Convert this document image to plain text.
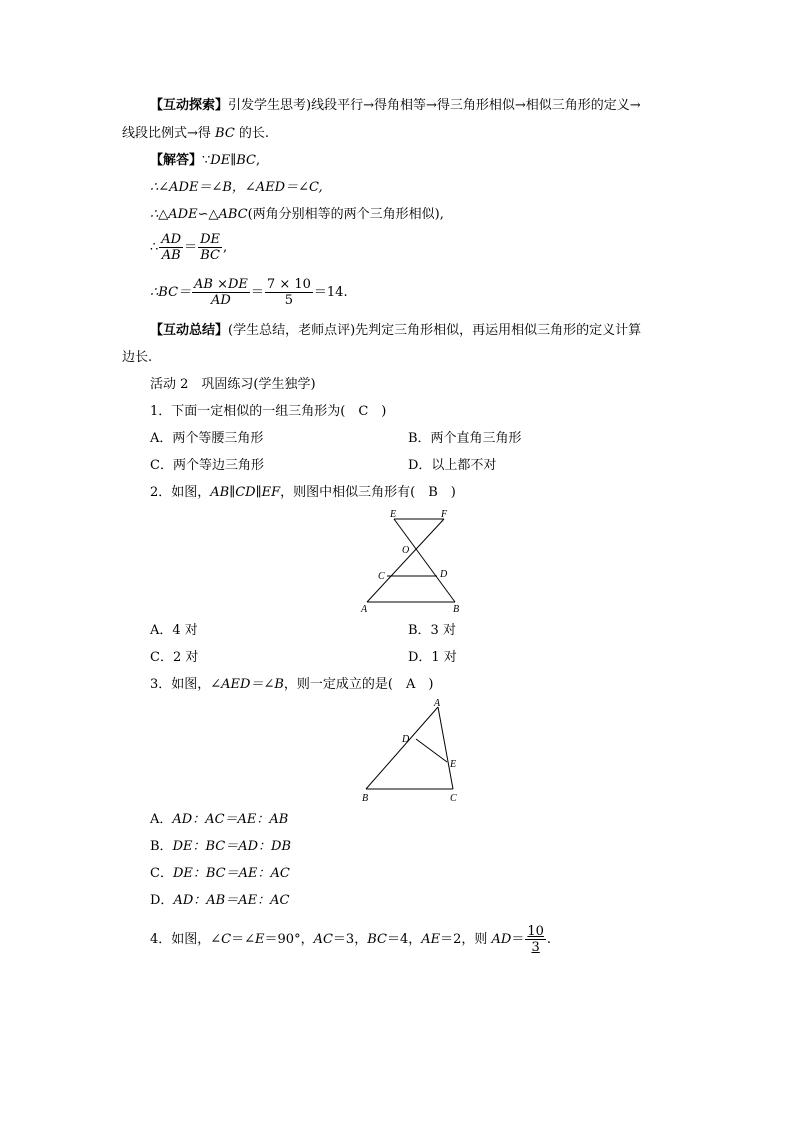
【互动探索】引发学生思考)线段平行→得角相等→得三角形相似→相似三角形的定义→
线段比例式→得 BC 的长.
【解答】∵DE∥BC,
∴∠ADE＝∠B，∠AED＝∠C,
∴△ADE∽△ABC(两角分别相等的两个三角形相似),
∴ $\frac{AD}{AB} = \frac{DE}{BC}$ ,
∴BC＝ $\frac{AB \times DE}{AD} = \frac{7 \times 10}{5} =14$.
【互动总结】(学生总结，老师点评)先判定三角形相似，再运用相似三角形的定义计算
边长.
活动 2　巩固练习(学生独学)
1．下面一定相似的一组三角形为(　C　)
A．两个等腰三角形	B．两个直角三角形
C．两个等边三角形	D．以上都不对
2．如图，AB∥CD∥EF，则图中相似三角形有(　B　)
E	F
O
C	D
A	B
A．4 对	B．3 对
C．2 对	D．1 对
3．如图，∠AED＝∠B，则一定成立的是(　A　)
A
D
E
B	C
A．AD：AC＝AE：AB
B．DE：BC＝AD：DB
C．DE：BC＝AE：AC
D．AD：AB＝AE：AC
4．如图，∠C＝∠E＝90°，AC＝3，BC＝4，AE＝2，则 $AD= \frac{10}{3}$ .
